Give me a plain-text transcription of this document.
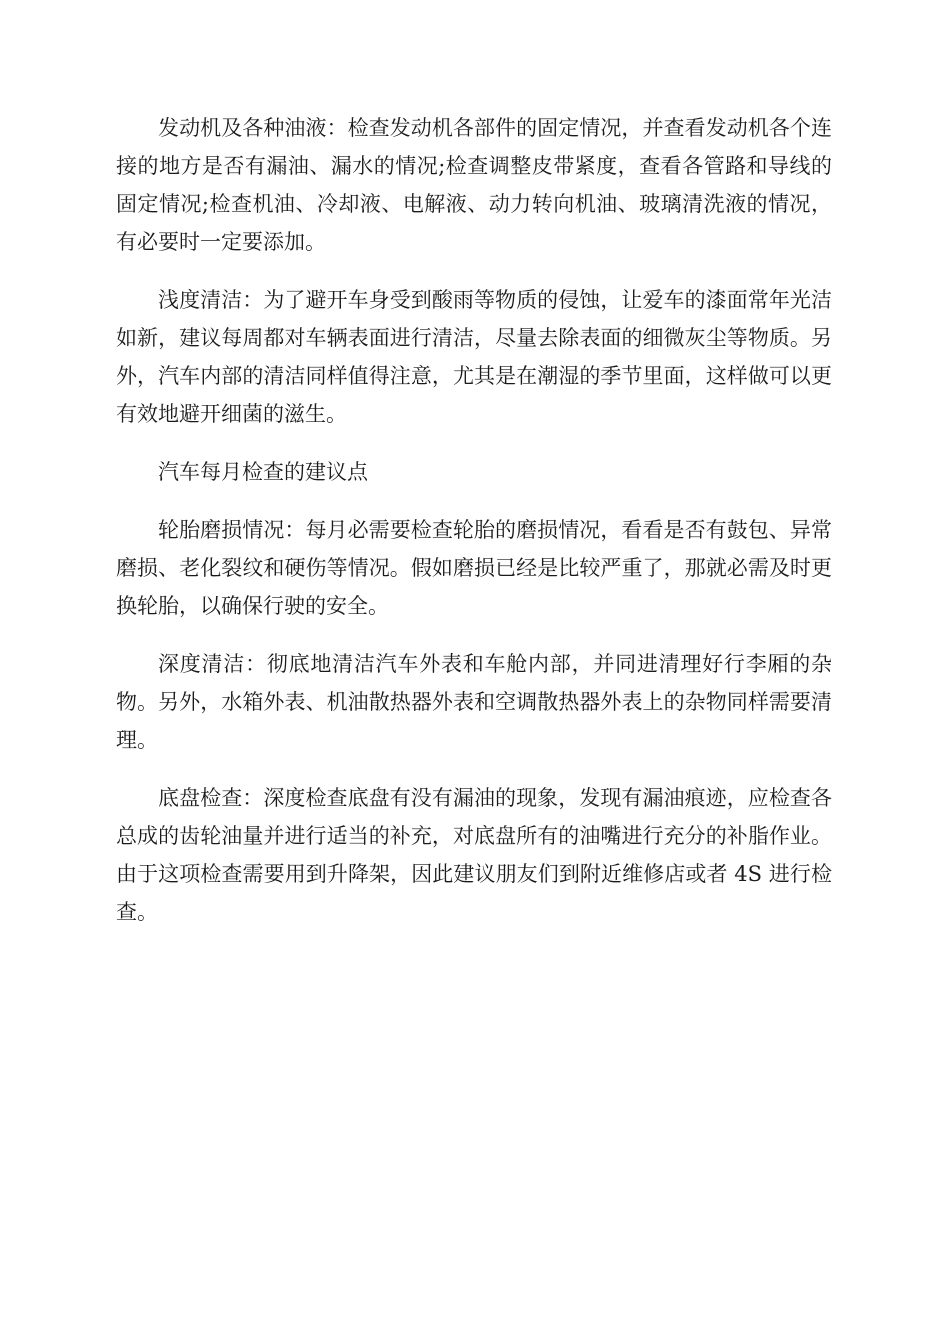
发动机及各种油液：检查发动机各部件的固定情况，并查看发动机各个连接的地方是否有漏油、漏水的情况;检查调整皮带紧度，查看各管路和导线的固定情况;检查机油、冷却液、电解液、动力转向机油、玻璃清洗液的情况，有必要时一定要添加。

浅度清洁：为了避开车身受到酸雨等物质的侵蚀，让爱车的漆面常年光洁如新，建议每周都对车辆表面进行清洁，尽量去除表面的细微灰尘等物质。另外，汽车内部的清洁同样值得注意，尤其是在潮湿的季节里面，这样做可以更有效地避开细菌的滋生。

汽车每月检查的建议点

轮胎磨损情况：每月必需要检查轮胎的磨损情况，看看是否有鼓包、异常磨损、老化裂纹和硬伤等情况。假如磨损已经是比较严重了，那就必需及时更换轮胎，以确保行驶的安全。

深度清洁：彻底地清洁汽车外表和车舱内部，并同进清理好行李厢的杂物。另外，水箱外表、机油散热器外表和空调散热器外表上的杂物同样需要清理。

底盘检查：深度检查底盘有没有漏油的现象，发现有漏油痕迹，应检查各总成的齿轮油量并进行适当的补充，对底盘所有的油嘴进行充分的补脂作业。由于这项检查需要用到升降架，因此建议朋友们到附近维修店或者 4S 进行检查。
